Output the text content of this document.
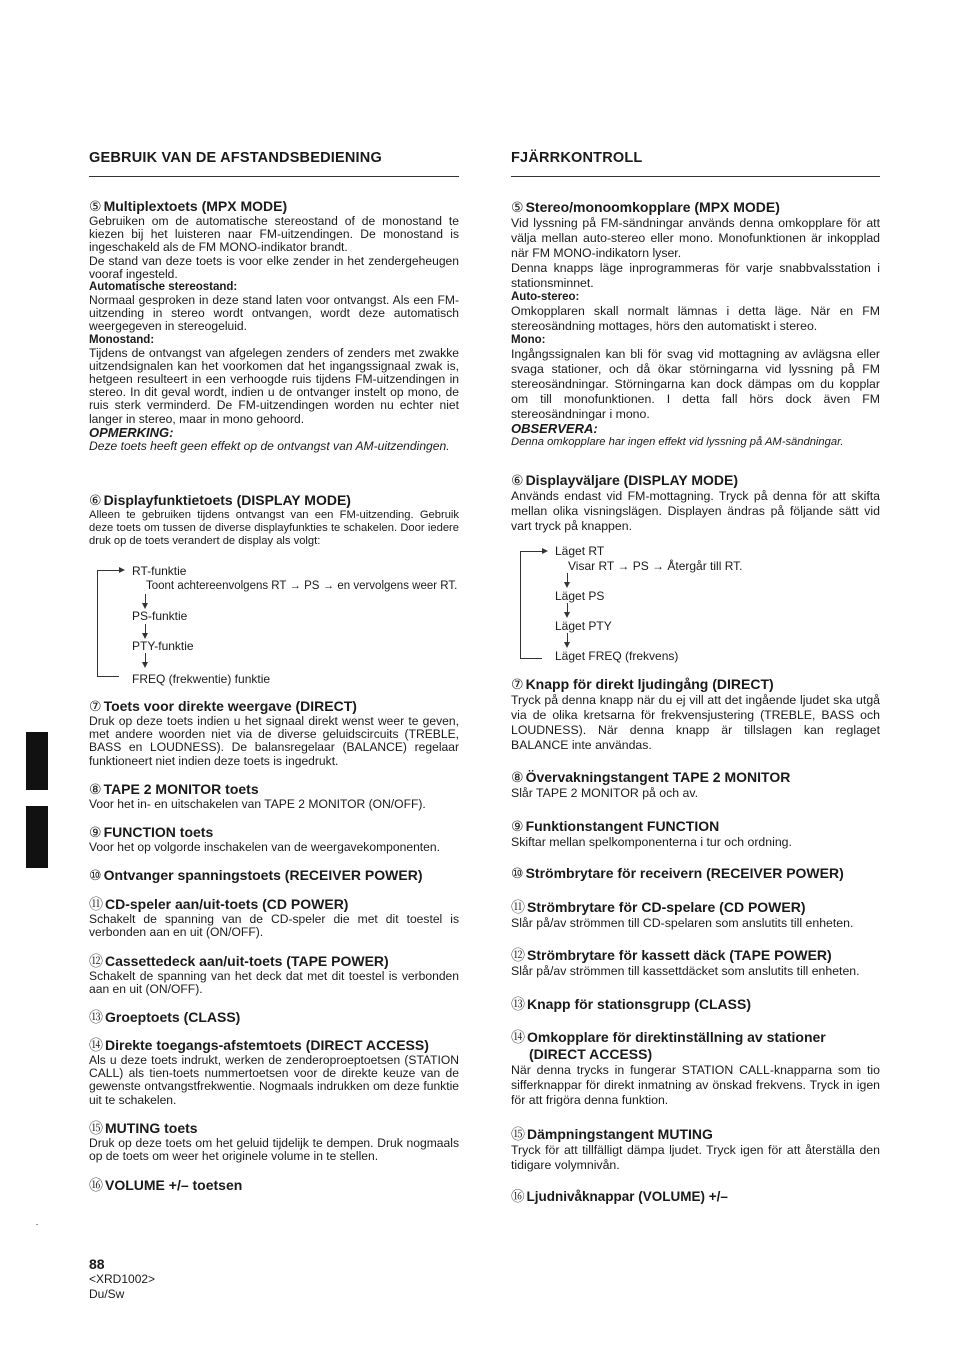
GEBRUIK VAN DE AFSTANDSBEDIENING
⑤ Multiplextoets (MPX MODE)

Gebruiken om de automatische stereostand of de monostand te kiezen bij het luisteren naar FM-uitzendingen. De monostand is ingeschakeld als de FM MONO-indikator brandt.

De stand van deze toets is voor elke zender in het zendergeheugen vooraf ingesteld.

Automatische stereostand:

Normaal gesproken in deze stand laten voor ontvangst. Als een FM-uitzending in stereo wordt ontvangen, wordt deze automatisch weergegeven in stereogeluid.

Monostand:

Tijdens de ontvangst van afgelegen zenders of zenders met zwakke uitzendsignalen kan het voorkomen dat het ingangssignaal zwak is, hetgeen resulteert in een verhoogde ruis tijdens FM-uitzendingen in stereo. In dit geval wordt, indien u de ontvanger instelt op mono, de ruis sterk verminderd. De FM-uitzendingen worden nu echter niet langer in stereo, maar in mono gehoord.

OPMERKING:

Deze toets heeft geen effekt op de ontvangst van AM-uitzendingen.

⑥ Displayfunktietoets (DISPLAY MODE)

Alleen te gebruiken tijdens ontvangst van een FM-uitzending. Gebruik deze toets om tussen de diverse displayfunkties te schakelen. Door iedere druk op de toets verandert de display als volgt:

RT-funktie
Toont achtereenvolgens RT → PS → en vervolgens weer RT.
PS-funktie
PTY-funktie
FREQ (frekwentie) funktie
⑦ Toets voor direkte weergave (DIRECT)

Druk op deze toets indien u het signaal direkt wenst weer te geven, met andere woorden niet via de diverse geluidscircuits (TREBLE, BASS en LOUDNESS). De balansregelaar (BALANCE) regelaar funktioneert niet indien deze toets is ingedrukt.

⑧ TAPE 2 MONITOR toets

Voor het in- en uitschakelen van TAPE 2 MONITOR (ON/OFF).

⑨ FUNCTION toets

Voor het op volgorde inschakelen van de weergavekomponenten.

⑩ Ontvanger spanningstoets (RECEIVER POWER)
⑪ CD-speler aan/uit-toets (CD POWER)

Schakelt de spanning van de CD-speler die met dit toestel is verbonden aan en uit (ON/OFF).

⑫ Cassettedeck aan/uit-toets (TAPE POWER)

Schakelt de spanning van het deck dat met dit toestel is verbonden aan en uit (ON/OFF).

⑬ Groeptoets (CLASS)
⑭ Direkte toegangs-afstemtoets (DIRECT ACCESS)

Als u deze toets indrukt, werken de zenderoproeptoetsen (STATION CALL) als tien-toets nummertoetsen voor de direkte keuze van de gewenste ontvangstfrekwentie. Nogmaals indrukken om deze funktie uit te schakelen.

⑮ MUTING toets

Druk op deze toets om het geluid tijdelijk te dempen. Druk nogmaals op de toets om weer het originele volume in te stellen.

⑯ VOLUME +/– toetsen
FJÄRRKONTROLL
⑤ Stereo/monoomkopplare (MPX MODE)

Vid lyssning på FM-sändningar används denna omkopplare för att välja mellan auto-stereo eller mono. Monofunktionen är inkopplad när FM MONO-indikatorn lyser.

Denna knapps läge inprogrammeras för varje snabbvalsstation i stationsminnet.

Auto-stereo:

Omkopplaren skall normalt lämnas i detta läge. När en FM stereosändning mottages, hörs den automatiskt i stereo.

Mono:

Ingångssignalen kan bli för svag vid mottagning av avlägsna eller svaga stationer, och då ökar störningarna vid lyssning på FM stereosändningar. Störningarna kan dock dämpas om du kopplar om till monofunktionen. I detta fall hörs dock även FM stereosändningar i mono.

OBSERVERA:

Denna omkopplare har ingen effekt vid lyssning på AM-sändningar.

⑥ Displayväljare (DISPLAY MODE)

Används endast vid FM-mottagning. Tryck på denna för att skifta mellan olika visningslägen. Displayen ändras på följande sätt vid vart tryck på knappen.

Läget RT
Visar RT → PS → Återgår till RT.
Läget PS
Läget PTY
Läget FREQ (frekvens)
⑦ Knapp för direkt ljudingång (DIRECT)

Tryck på denna knapp när du ej vill att det ingående ljudet ska utgå via de olika kretsarna för frekvensjustering (TREBLE, BASS och LOUDNESS). När denna knapp är tillslagen kan reglaget BALANCE inte användas.

⑧ Övervakningstangent TAPE 2 MONITOR

Slår TAPE 2 MONITOR på och av.

⑨ Funktionstangent FUNCTION

Skiftar mellan spelkomponenterna i tur och ordning.

⑩ Strömbrytare för receivern (RECEIVER POWER)
⑪ Strömbrytare för CD-spelare (CD POWER)

Slår på/av strömmen till CD-spelaren som anslutits till enheten.

⑫ Strömbrytare för kassett däck (TAPE POWER)

Slår på/av strömmen till kassettdäcket som anslutits till enheten.

⑬ Knapp för stationsgrupp (CLASS)
⑭ Omkopplare för direktinställning av stationer (DIRECT ACCESS)

När denna trycks in fungerar STATION CALL-knapparna som tio sifferknappar för direkt inmatning av önskad frekvens. Tryck in igen för att frigöra denna funktion.

⑮ Dämpningstangent MUTING

Tryck för att tillfälligt dämpa ljudet. Tryck igen för att återställa den tidigare volymnivån.

⑯ Ljudnivåknappar (VOLUME) +/–
88
<XRD1002>
Du/Sw
